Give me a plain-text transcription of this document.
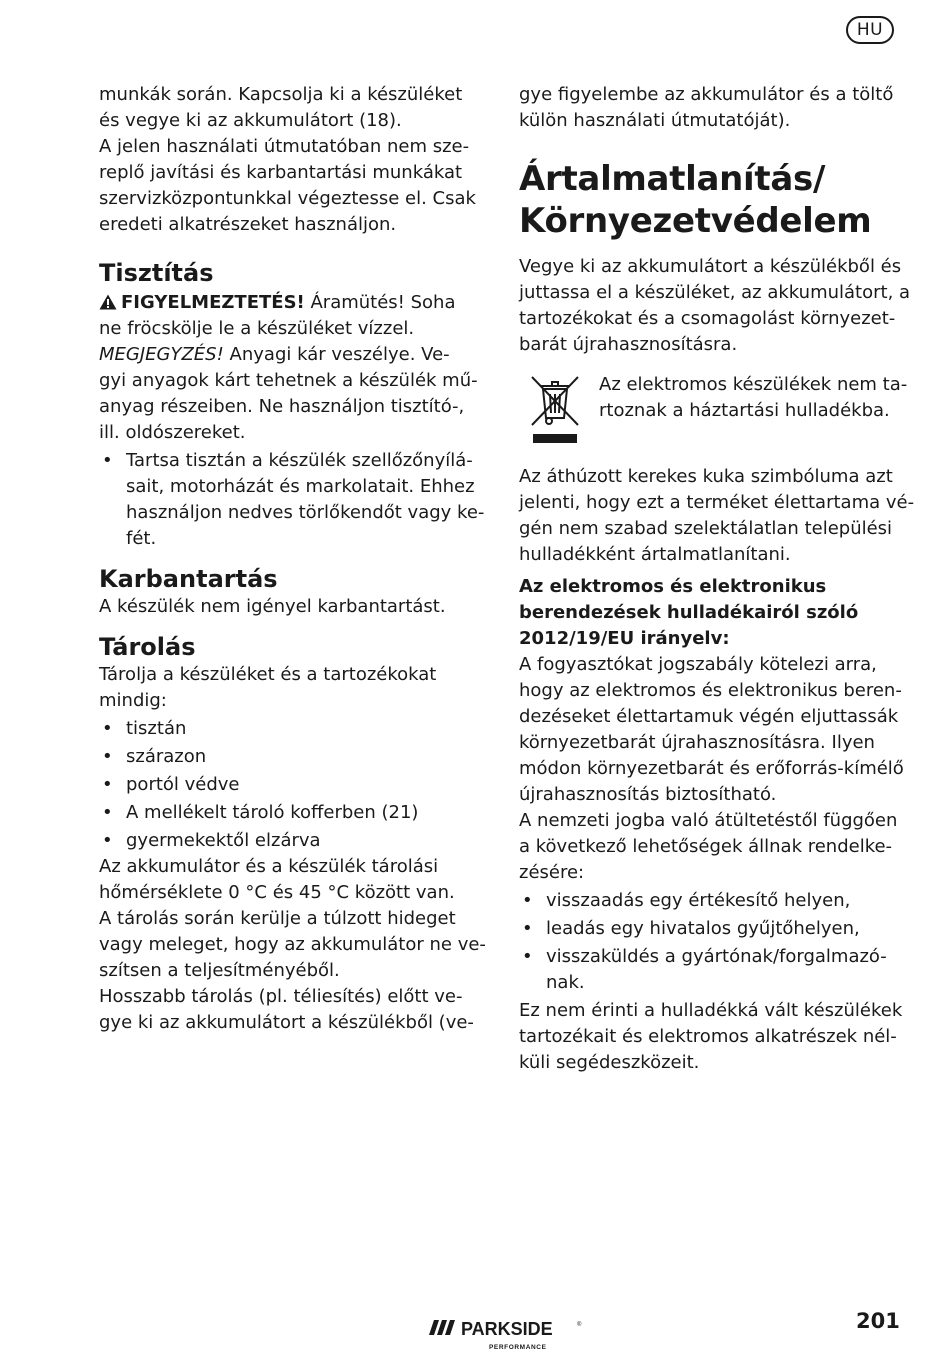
HU

munkák során. Kapcsolja ki a készüléket
és vegye ki az akkumulátort (18).

A jelen használati útmutatóban nem sze-
replő javítási és karbantartási munkákat
szervizközpontunkkal végeztesse el. Csak
eredeti alkatrészeket használjon.

Tisztítás

FIGYELMEZTETÉS! Áramütés! Soha
ne fröcskölje le a készüléket vízzel.

MEGJEGYZÉS! Anyagi kár veszélye. Ve-
gyi anyagok kárt tehetnek a készülék mű-
anyag részeiben. Ne használjon tisztító-,
ill. oldószereket.

• Tartsa tisztán a készülék szellőzőnyílá-
sait, motorházát és markolatait. Ehhez
használjon nedves törlőkendőt vagy ke-
fét.
Karbantartás

A készülék nem igényel karbantartást.

Tárolás

Tárolja a készüléket és a tartozékokat
mindig:

• tisztán
• szárazon
• portól védve
• A mellékelt tároló kofferben (21)
• gyermekektől elzárva

Az akkumulátor és a készülék tárolási
hőmérséklete 0 °C és 45 °C között van.
A tárolás során kerülje a túlzott hideget
vagy meleget, hogy az akkumulátor ne ve-
szítsen a teljesítményéből.

Hosszabb tárolás (pl. téliesítés) előtt ve-
gye ki az akkumulátort a készülékből (ve-

gye figyelembe az akkumulátor és a töltő
külön használati útmutatóját).

Ártalmatlanítás/
Környezetvédelem

Vegye ki az akkumulátort a készülékből és
juttassa el a készüléket, az akkumulátort, a
tartozékokat és a csomagolást környezet-
barát újrahasznosításra.

Az elektromos készülékek nem ta-
rtoznak a háztartási hulladékba.

Az áthúzott kerekes kuka szimbóluma azt
jelenti, hogy ezt a terméket élettartama vé-
gén nem szabad szelektálatlan települési
hulladékként ártalmatlanítani.

Az elektromos és elektronikus
berendezések hulladékairól szóló
2012/19/EU irányelv:

A fogyasztókat jogszabály kötelezi arra,
hogy az elektromos és elektronikus beren-
dezéseket élettartamuk végén eljuttassák
környezetbarát újrahasznosításra. Ilyen
módon környezetbarát és erőforrás-kímélő
újrahasznosítás biztosítható.

A nemzeti jogba való átültetéstől függően
a következő lehetőségek állnak rendelke-
zésére:

• visszaadás egy értékesítő helyen,
• leadás egy hivatalos gyűjtőhelyen,
• visszaküldés a gyártónak/forgalmazó-
nak.

Ez nem érinti a hulladékká vált készülékek
tartozékait és elektromos alkatrészek nél-
küli segédeszközeit.

PARKSIDE	®
PERFORMANCE
201
